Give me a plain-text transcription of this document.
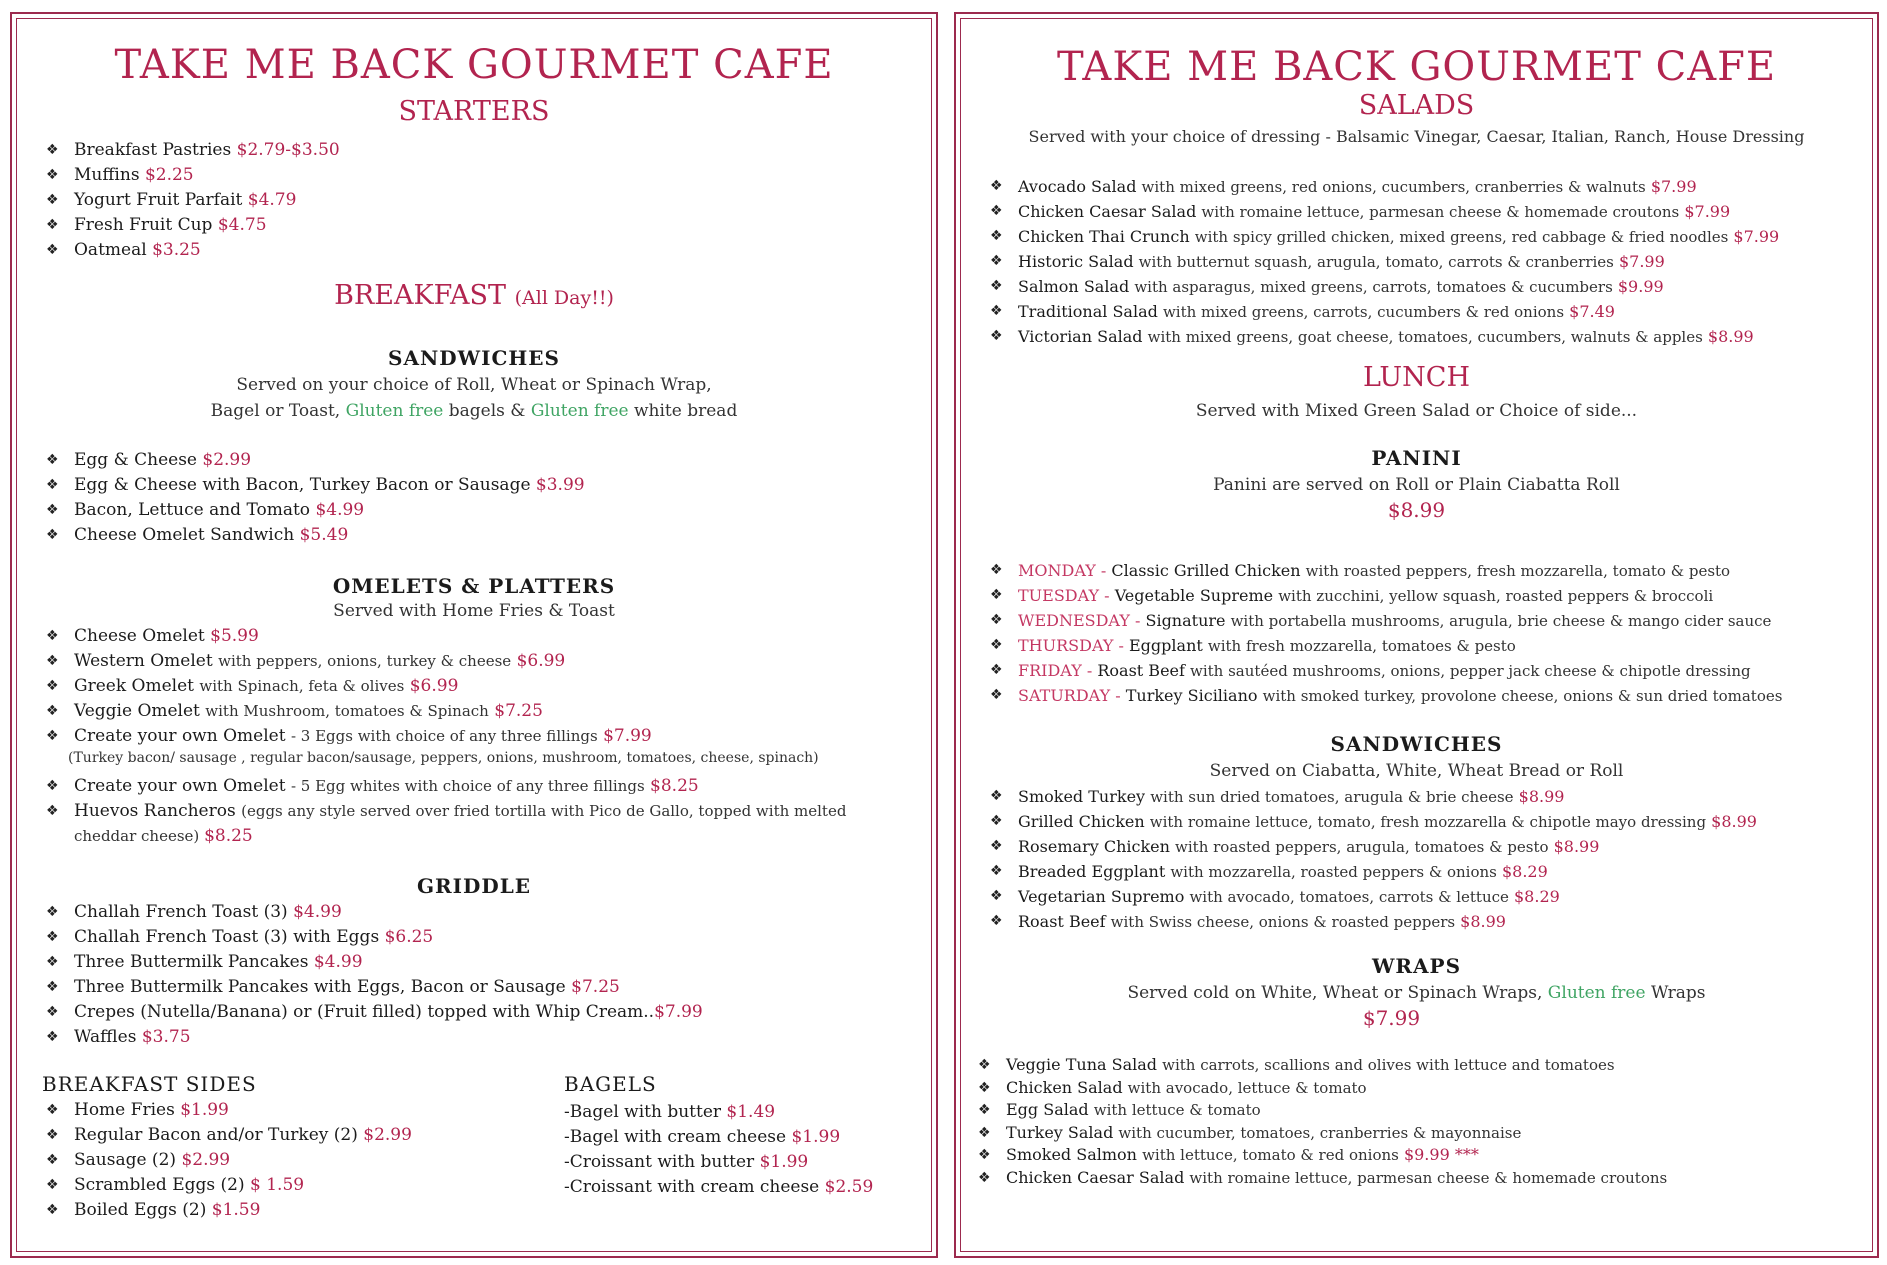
TAKE ME BACK GOURMET CAFE
STARTERS
❖ Breakfast Pastries $2.79-$3.50
❖ Muffins $2.25
❖ Yogurt Fruit Parfait $4.79
❖ Fresh Fruit Cup $4.75
❖ Oatmeal $3.25
BREAKFAST (All Day!!)
SANDWICHES
Served on your choice of Roll, Wheat or Spinach Wrap,
Bagel or Toast, Gluten free bagels & Gluten free white bread
❖ Egg & Cheese $2.99
❖ Egg & Cheese with Bacon, Turkey Bacon or Sausage $3.99
❖ Bacon, Lettuce and Tomato $4.99
❖ Cheese Omelet Sandwich $5.49
OMELETS & PLATTERS
Served with Home Fries & Toast
❖ Cheese Omelet $5.99
❖ Western Omelet with peppers, onions, turkey & cheese $6.99
❖ Greek Omelet with Spinach, feta & olives $6.99
❖ Veggie Omelet with Mushroom, tomatoes & Spinach $7.25
❖ Create your own Omelet - 3 Eggs with choice of any three fillings $7.99
(Turkey bacon/ sausage , regular bacon/sausage, peppers, onions, mushroom, tomatoes, cheese, spinach)
❖ Create your own Omelet - 5 Egg whites with choice of any three fillings $8.25
❖ Huevos Rancheros (eggs any style served over fried tortilla with Pico de Gallo, topped with melted
cheddar cheese) $8.25
GRIDDLE
❖ Challah French Toast (3) $4.99
❖ Challah French Toast (3) with Eggs $6.25
❖ Three Buttermilk Pancakes $4.99
❖ Three Buttermilk Pancakes with Eggs, Bacon or Sausage $7.25
❖ Crepes (Nutella/Banana) or (Fruit filled) topped with Whip Cream..$7.99
❖ Waffles $3.75
BREAKFAST SIDES
❖ Home Fries $1.99
❖ Regular Bacon and/or Turkey (2) $2.99
❖ Sausage (2) $2.99
❖ Scrambled Eggs (2) $ 1.59
❖ Boiled Eggs (2) $1.59
BAGELS
-Bagel with butter $1.49
-Bagel with cream cheese $1.99
-Croissant with butter $1.99
-Croissant with cream cheese $2.59
TAKE ME BACK GOURMET CAFE
SALADS
Served with your choice of dressing - Balsamic Vinegar, Caesar, Italian, Ranch, House Dressing
❖ Avocado Salad with mixed greens, red onions, cucumbers, cranberries & walnuts $7.99
❖ Chicken Caesar Salad with romaine lettuce, parmesan cheese & homemade croutons $7.99
❖ Chicken Thai Crunch with spicy grilled chicken, mixed greens, red cabbage & fried noodles $7.99
❖ Historic Salad with butternut squash, arugula, tomato, carrots & cranberries $7.99
❖ Salmon Salad with asparagus, mixed greens, carrots, tomatoes & cucumbers $9.99
❖ Traditional Salad with mixed greens, carrots, cucumbers & red onions $7.49
❖ Victorian Salad with mixed greens, goat cheese, tomatoes, cucumbers, walnuts & apples $8.99
LUNCH
Served with Mixed Green Salad or Choice of side...
PANINI
Panini are served on Roll or Plain Ciabatta Roll
$8.99
❖ MONDAY - Classic Grilled Chicken with roasted peppers, fresh mozzarella, tomato & pesto
❖ TUESDAY - Vegetable Supreme with zucchini, yellow squash, roasted peppers & broccoli
❖ WEDNESDAY - Signature with portabella mushrooms, arugula, brie cheese & mango cider sauce
❖ THURSDAY - Eggplant with fresh mozzarella, tomatoes & pesto
❖ FRIDAY - Roast Beef with sautéed mushrooms, onions, pepper jack cheese & chipotle dressing
❖ SATURDAY - Turkey Siciliano with smoked turkey, provolone cheese, onions & sun dried tomatoes
SANDWICHES
Served on Ciabatta, White, Wheat Bread or Roll
❖ Smoked Turkey with sun dried tomatoes, arugula & brie cheese $8.99
❖ Grilled Chicken with romaine lettuce, tomato, fresh mozzarella & chipotle mayo dressing $8.99
❖ Rosemary Chicken with roasted peppers, arugula, tomatoes & pesto $8.99
❖ Breaded Eggplant with mozzarella, roasted peppers & onions $8.29
❖ Vegetarian Supremo with avocado, tomatoes, carrots & lettuce $8.29
❖ Roast Beef with Swiss cheese, onions & roasted peppers $8.99
WRAPS
Served cold on White, Wheat or Spinach Wraps, Gluten free Wraps
$7.99
❖ Veggie Tuna Salad with carrots, scallions and olives with lettuce and tomatoes
❖ Chicken Salad with avocado, lettuce & tomato
❖ Egg Salad with lettuce & tomato
❖ Turkey Salad with cucumber, tomatoes, cranberries & mayonnaise
❖ Smoked Salmon with lettuce, tomato & red onions $9.99 ***
❖ Chicken Caesar Salad with romaine lettuce, parmesan cheese & homemade croutons
